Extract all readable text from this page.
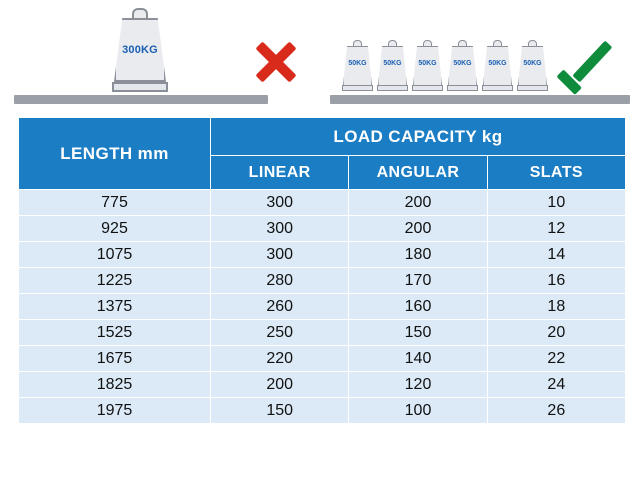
300KG
50KG	50KG	50KG	50KG	50KG	50KG
LENGTH mm	LOAD CAPACITY kg		
	LINEAR	ANGULAR	SLATS
775	300	200	10
925	300	200	12
1075	300	180	14
1225	280	170	16
1375	260	160	18
1525	250	150	20
1675	220	140	22
1825	200	120	24
1975	150	100	26
